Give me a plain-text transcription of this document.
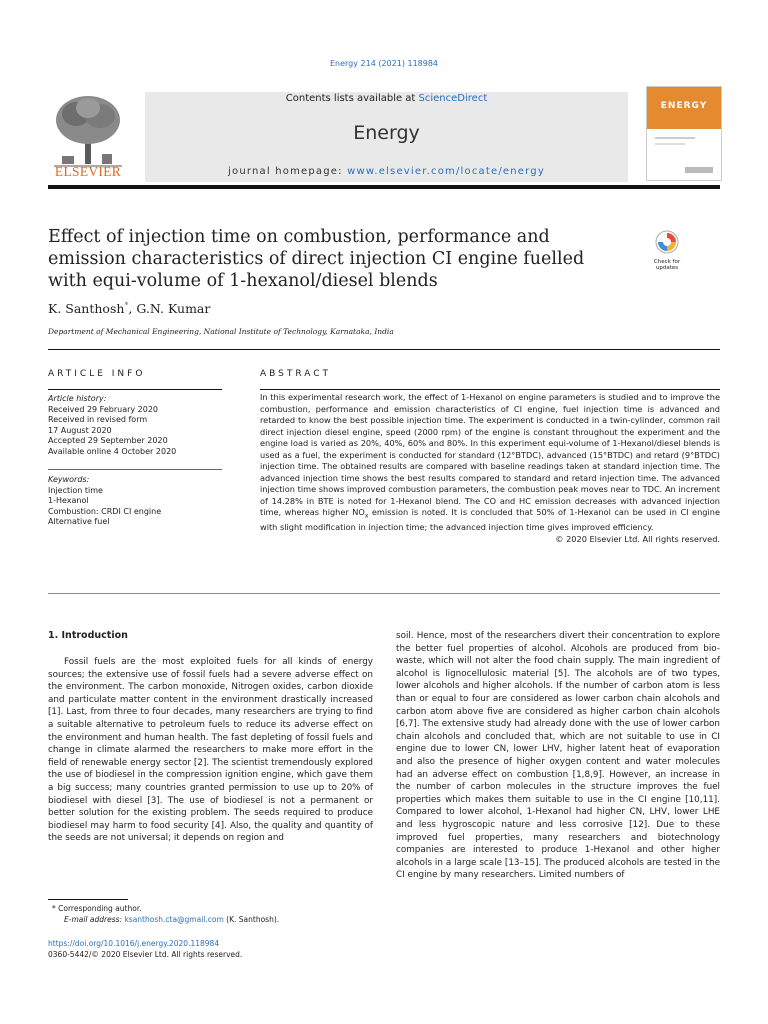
Energy 214 (2021) 118984
ELSEVIER
Contents lists available at ScienceDirect
Energy
journal homepage: www.elsevier.com/locate/energy
ENERGY
Effect of injection time on combustion, performance and emission characteristics of direct injection CI engine fuelled with equi-volume of 1-hexanol/diesel blends
Check for updates
K. Santhosh*, G.N. Kumar
Department of Mechanical Engineering, National Institute of Technology, Karnataka, India
ARTICLE INFO
Article history:
Received 29 February 2020
Received in revised form
17 August 2020
Accepted 29 September 2020
Available online 4 October 2020
Keywords:
Injection time
1-Hexanol
Combustion: CRDI CI engine
Alternative fuel
ABSTRACT
In this experimental research work, the effect of 1-Hexanol on engine parameters is studied and to improve the combustion, performance and emission characteristics of CI engine, fuel injection time is advanced and retarded to know the best possible injection time. The experiment is conducted in a twin-cylinder, common rail direct injection diesel engine, speed (2000 rpm) of the engine is constant throughout the experiment and the engine load is varied as 20%, 40%, 60% and 80%. In this experiment equi-volume of 1-Hexanol/diesel blends is used as a fuel, the experiment is conducted for standard (12°BTDC), advanced (15°BTDC) and retard (9°BTDC) injection time. The obtained results are compared with baseline readings taken at standard injection time. The advanced injection time shows the best results compared to standard and retard injection time. The advanced injection time shows improved combustion parameters, the combustion peak moves near to TDC. An increment of 14.28% in BTE is noted for 1-Hexanol blend. The CO and HC emission decreases with advanced injection time, whereas higher $NO_x$ emission is noted. It is concluded that 50% of 1-Hexanol can be used in CI engine with slight modification in injection time; the advanced injection time gives improved efficiency.
© 2020 Elsevier Ltd. All rights reserved.
1. Introduction
Fossil fuels are the most exploited fuels for all kinds of energy sources; the extensive use of fossil fuels had a severe adverse effect on the environment. The carbon monoxide, Nitrogen oxides, carbon dioxide and particulate matter content in the environment drastically increased [1]. Last, from three to four decades, many researchers are trying to find a suitable alternative to petroleum fuels to reduce its adverse effect on the environment and human health. The fast depleting of fossil fuels and change in climate alarmed the researchers to make more effort in the field of renewable energy sector [2]. The scientist tremendously explored the use of biodiesel in the compression ignition engine, which gave them a big success; many countries granted permission to use up to 20% of biodiesel with diesel [3]. The use of biodiesel is not a permanent or better solution for the existing problem. The seeds required to produce biodiesel may harm to food security [4]. Also, the quality and quantity of the seeds are not universal; it depends on region and
soil. Hence, most of the researchers divert their concentration to explore the better fuel properties of alcohol. Alcohols are produced from bio-waste, which will not alter the food chain supply. The main ingredient of alcohol is lignocellulosic material [5]. The alcohols are of two types, lower alcohols and higher alcohols. If the number of carbon atom is less than or equal to four are considered as lower carbon chain alcohols and carbon atom above five are considered as higher carbon chain alcohols [6,7]. The extensive study had already done with the use of lower carbon chain alcohols and concluded that, which are not suitable to use in CI engine due to lower CN, lower LHV, higher latent heat of evaporation and also the presence of higher oxygen content and water molecules had an adverse effect on combustion [1,8,9]. However, an increase in the number of carbon molecules in the structure improves the fuel properties which makes them suitable to use in the CI engine [10,11]. Compared to lower alcohol, 1-Hexanol had higher CN, LHV, lower LHE and less hygroscopic nature and less corrosive [12]. Due to these improved fuel properties, many researchers and biotechnology companies are interested to produce 1-Hexanol and other higher alcohols in a large scale [13–15]. The produced alcohols are tested in the CI engine by many researchers. Limited numbers of
* Corresponding author.
E-mail address: ksanthosh.cta@gmail.com (K. Santhosh).
https://doi.org/10.1016/j.energy.2020.118984
0360-5442/© 2020 Elsevier Ltd. All rights reserved.
